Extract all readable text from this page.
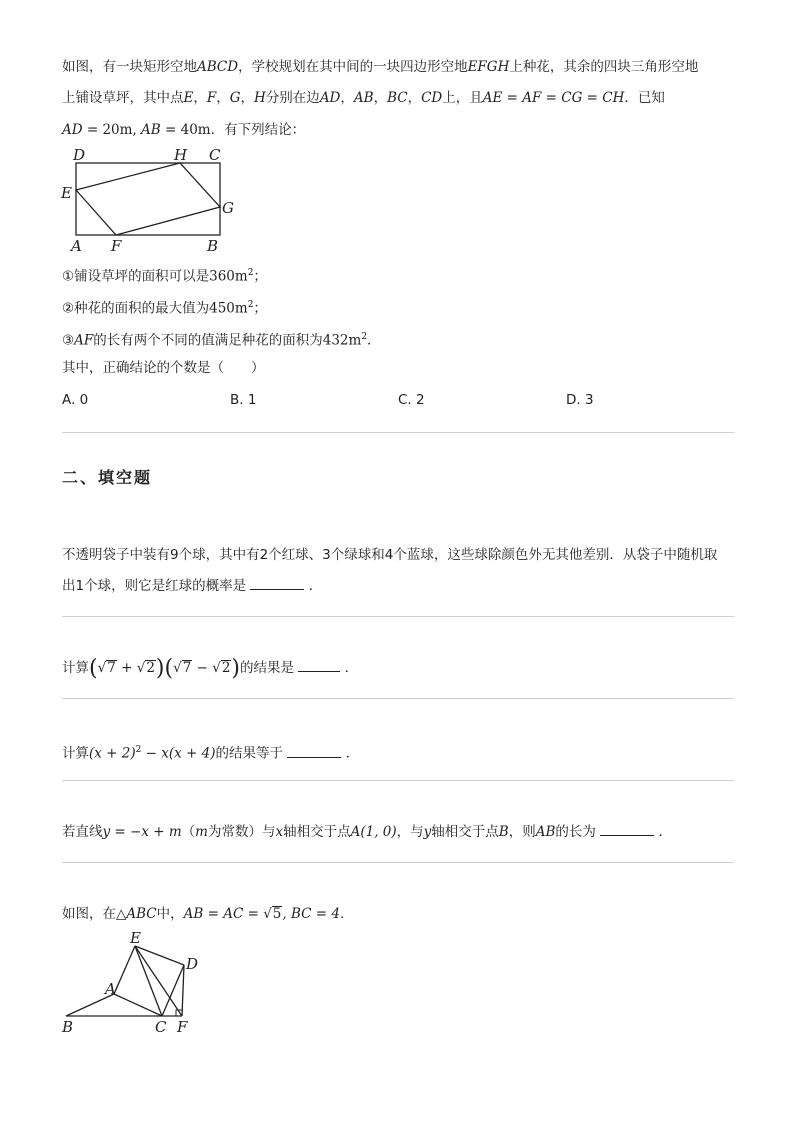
如图，有一块矩形空地ABCD，学校规划在其中间的一块四边形空地EFGH上种花，其余的四块三角形空地
上铺设草坪，其中点E，F，G，H分别在边AD，AB，BC，CD上，且AE = AF = CG = CH．已知
AD = 20m, AB = 40m．有下列结论：
D	H C
E
G
A F	B
①铺设草坪的面积可以是$360m^2$；
②种花的面积的最大值为$450m^2$；
③AF的长有两个不同的值满足种花的面积为$432m^2$．
其中，正确结论的个数是（　　）
A. 0	B. 1	C. 2	D. 3
二、填空题
不透明袋子中装有9个球，其中有2个红球、3个绿球和4个蓝球，这些球除颜色外无其他差别．从袋子中随机取
出1个球，则它是红球的概率是	．
计算(√7 + √2)(√7 − √2)的结果是	．
计算$(x + 2)^2 - x(x + 4)$的结果等于	．
若直线y = −x + m（m为常数）与x轴相交于点A(1, 0)，与y轴相交于点B，则AB的长为	．
如图，在△ABC中，AB = AC = √5, BC = 4.
E
D
A
B	C F
